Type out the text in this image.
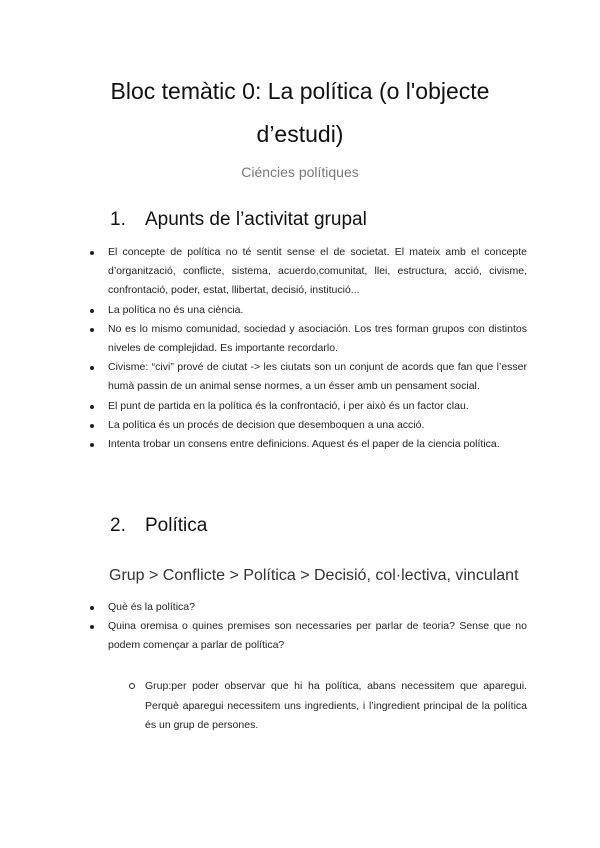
Bloc temàtic 0: La política (o l'objecte
d’estudi)
Ciéncies polítiques
1. Apunts de l’activitat grupal
El concepte de política no té sentit sense el de societat. El mateix amb el concepte d’organització, conflicte, sistema, acuerdo,comunitat, llei, estructura, acció, civisme, confrontació, poder, estat, llibertat, decisió, institució...
La política no és una ciència.
No es lo mismo comunidad, sociedad y asociación. Los tres forman grupos con distintos niveles de complejidad. Es importante recordarlo.
Civisme: “civi” prové de ciutat -> les ciutats son un conjunt de acords que fan que l’esser humà passin de un animal sense normes, a un ésser amb un pensament social.
El punt de partida en la política és la confrontació, i per això és un factor clau.
La política és un procés de decision que desemboquen a una acció.
Intenta trobar un consens entre definicions. Aquest és el paper de la ciencia política.
2. Política
Grup > Conflicte > Política > Decisió, col·lectiva, vinculant
Què és la política?
Quina oremisa o quines premises son necessaries per parlar de teoria? Sense que no podem començar a parlar de política?
Grup:per poder observar que hi ha política, abans necessitem que aparegui. Perquè aparegui necessitem uns ingredients, i l’ingredient principal de la política és un grup de persones.
